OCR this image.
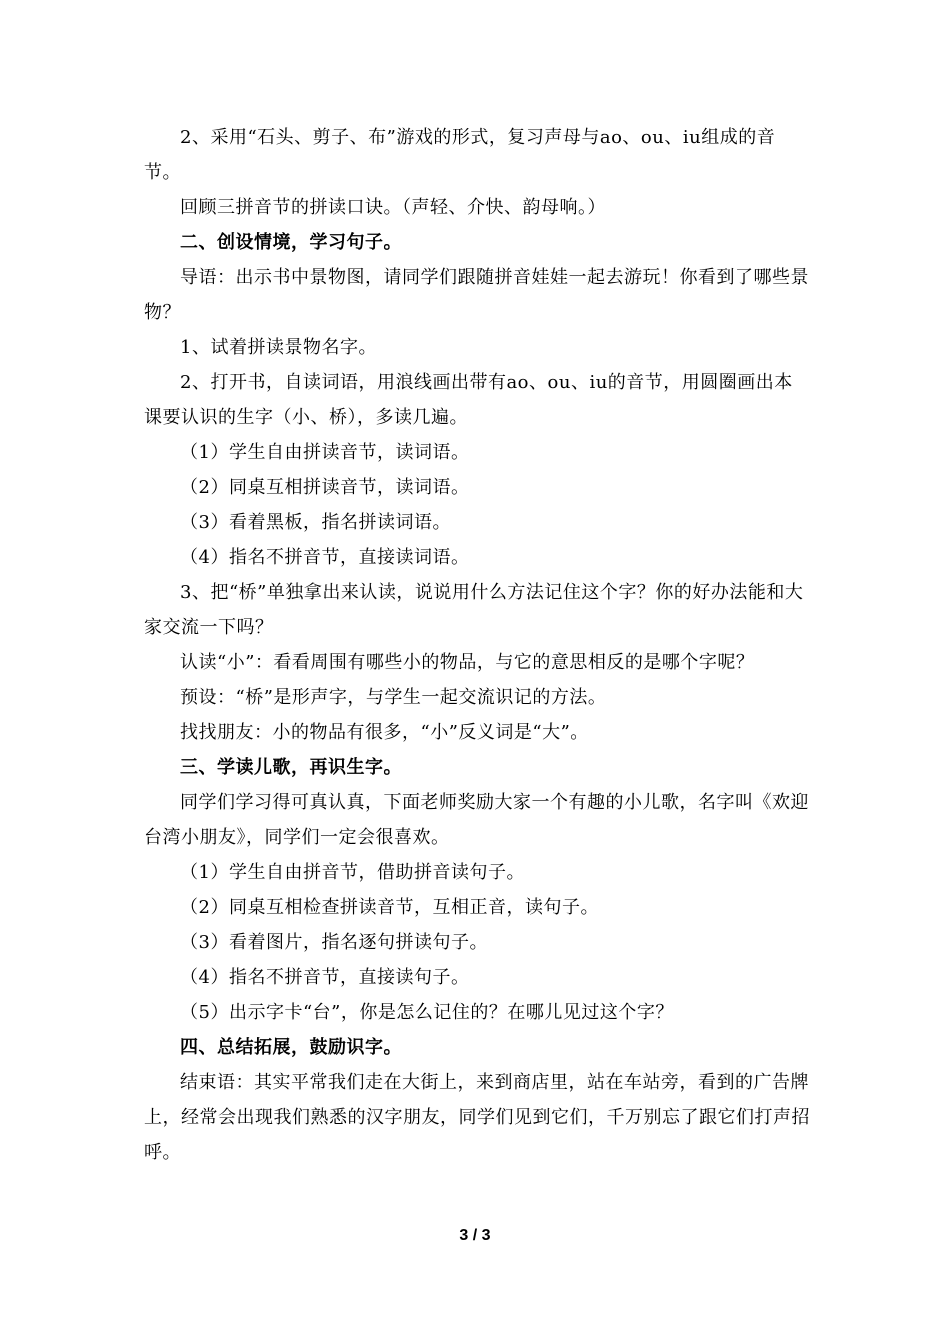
2、采用“石头、剪子、布”游戏的形式，复习声母与ao、ou、iu组成的音节。

回顾三拼音节的拼读口诀。（声轻、介快、韵母响。）

二、创设情境，学习句子。

导语：出示书中景物图，请同学们跟随拼音娃娃一起去游玩！你看到了哪些景物？

1、试着拼读景物名字。

2、打开书，自读词语，用浪线画出带有ao、ou、iu的音节，用圆圈画出本课要认识的生字（小、桥），多读几遍。

（1）学生自由拼读音节，读词语。

（2）同桌互相拼读音节，读词语。

（3）看着黑板，指名拼读词语。

（4）指名不拼音节，直接读词语。

3、把“桥”单独拿出来认读，说说用什么方法记住这个字？你的好办法能和大家交流一下吗？

认读“小”：看看周围有哪些小的物品，与它的意思相反的是哪个字呢？

预设：“桥”是形声字，与学生一起交流识记的方法。

找找朋友：小的物品有很多，“小”反义词是“大”。

三、学读儿歌，再识生字。

同学们学习得可真认真，下面老师奖励大家一个有趣的小儿歌，名字叫《欢迎台湾小朋友》，同学们一定会很喜欢。

（1）学生自由拼音节，借助拼音读句子。

（2）同桌互相检查拼读音节，互相正音，读句子。

（3）看着图片，指名逐句拼读句子。

（4）指名不拼音节，直接读句子。

（5）出示字卡“台”，你是怎么记住的？在哪儿见过这个字？

四、总结拓展，鼓励识字。

结束语：其实平常我们走在大街上，来到商店里，站在车站旁，看到的广告牌上，经常会出现我们熟悉的汉字朋友，同学们见到它们，千万别忘了跟它们打声招呼。

3 / 3
